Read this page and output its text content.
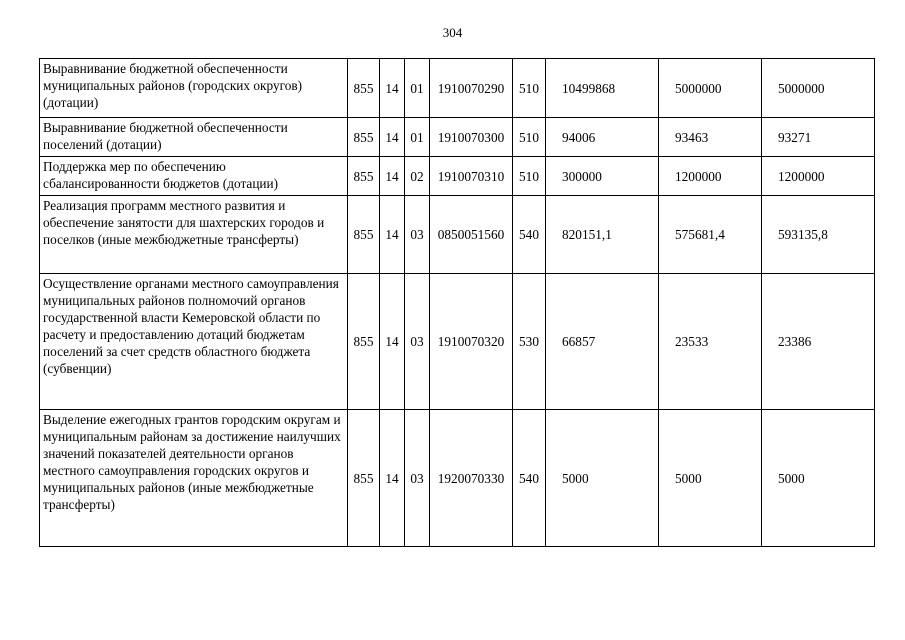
304
Выравнивание бюджетной обеспеченности муниципальных районов (городских округов) (дотации)	855	14	01	1910070290	510	10499868	5000000	5000000
Выравнивание бюджетной обеспеченности поселений (дотации)	855	14	01	1910070300	510	94006	93463	93271
Поддержка мер по обеспечению сбалансированности бюджетов (дотации)	855	14	02	1910070310	510	300000	1200000	1200000
Реализация программ местного развития и обеспечение занятости для шахтерских городов и поселков (иные межбюджетные трансферты)	855	14	03	0850051560	540	820151,1	575681,4	593135,8
Осуществление органами местного самоуправления муниципальных районов полномочий органов государственной власти Кемеровской области по расчету и предоставлению дотаций бюджетам поселений за счет средств областного бюджета (субвенции)	855	14	03	1910070320	530	66857	23533	23386
Выделение ежегодных грантов городским округам и муниципальным районам за достижение наилучших значений показателей деятельности органов местного самоуправления городских округов и муниципальных районов (иные межбюджетные трансферты)	855	14	03	1920070330	540	5000	5000	5000
